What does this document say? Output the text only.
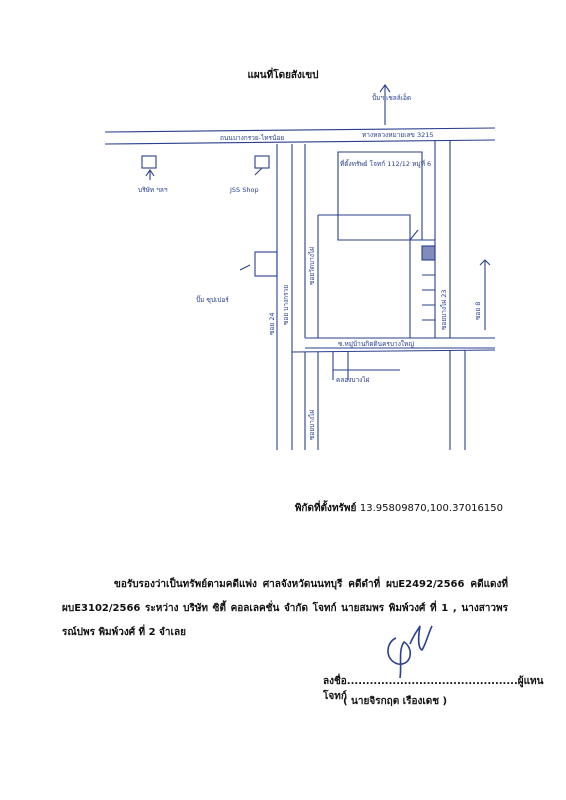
แผนที่โดยสังเขป
ปั้มฯ เชลล์เอ็ด
ถนนบางกรวย-ไทรน้อย	ทางหลวงหมายเลข 3215
บริษัท ฯลฯ	JSS Shop
ปั๊ม ซุปเปอร์
ที่ตั้งทรัพย์ โจทก์ 112/12 หมู่ที่ 6
ซ.หมู่บ้านกิตตินครบางใหญ่
คลองบางไผ่
ซอย บางกรวย
ซอย 24
ซอยวัดบางไผ่
ซอยบางไผ่ 23	ซอย 8
ซอยบางไผ่
พิกัดที่ตั้งทรัพย์ 13.95809870,100.37016150
ขอรับรองว่าเป็นทรัพย์ตามคดีแพ่ง ศาลจังหวัดนนทบุรี คดีดำที่ ผบE2492/2566 คดีแดงที่
ผบE3102/2566 ระหว่าง บริษัท ซิตี้ คอลเลคชั่น จำกัด โจทก์ นายสมพร พิมพ์วงศ์ ที่ 1 , นางสาวพร
รณ์ปพร พิมพ์วงศ์ ที่ 2 จำเลย
ลงชื่อ.............................................ผู้แทนโจทก์
( นายจิรกฤต เรืองเดช )
